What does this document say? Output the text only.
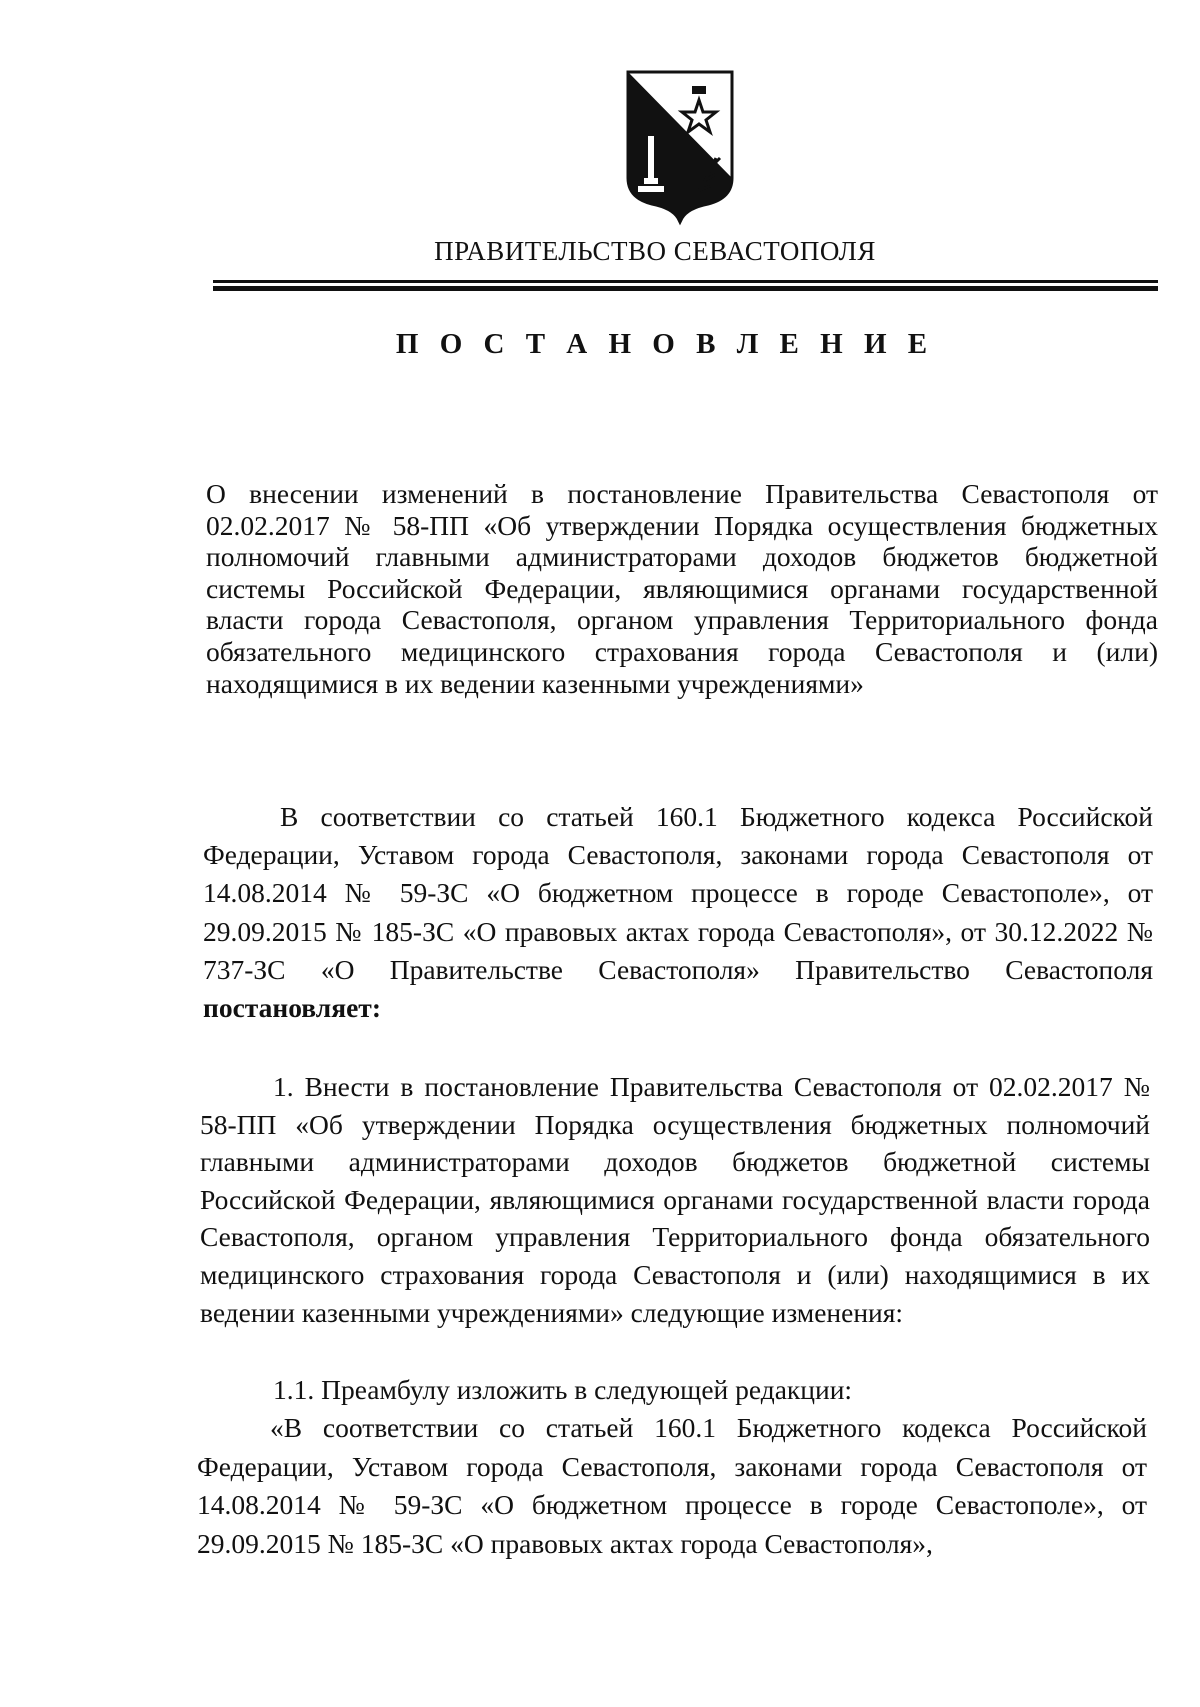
ПРАВИТЕЛЬСТВО СЕВАСТОПОЛЯ
П О С Т А Н О В Л Е Н И Е
О внесении изменений в постановление Правительства Севастополя от 02.02.2017 № 58-ПП «Об утверждении Порядка осуществления бюджетных полномочий главными администраторами доходов бюджетов бюджетной системы Российской Федерации, являющимися органами государственной власти города Севастополя, органом управления Территориального фонда обязательного медицинского страхования города Севастополя и (или) находящимися в их ведении казенными учреждениями»
В соответствии со статьей 160.1 Бюджетного кодекса Российской Федерации, Уставом города Севастополя, законами города Севастополя от 14.08.2014 № 59-ЗС «О бюджетном процессе в городе Севастополе», от 29.09.2015 № 185-ЗС «О правовых актах города Севастополя», от 30.12.2022 № 737-ЗС «О Правительстве Севастополя» Правительство Севастополя постановляет:
1. Внести в постановление Правительства Севастополя от 02.02.2017 № 58-ПП «Об утверждении Порядка осуществления бюджетных полномочий главными администраторами доходов бюджетов бюджетной системы Российской Федерации, являющимися органами государственной власти города Севастополя, органом управления Территориального фонда обязательного медицинского страхования города Севастополя и (или) находящимися в их ведении казенными учреждениями» следующие изменения:
1.1. Преамбулу изложить в следующей редакции:
«В соответствии со статьей 160.1 Бюджетного кодекса Российской Федерации, Уставом города Севастополя, законами города Севастополя от 14.08.2014 № 59-ЗС «О бюджетном процессе в городе Севастополе», от 29.09.2015 № 185-ЗС «О правовых актах города Севастополя»,
